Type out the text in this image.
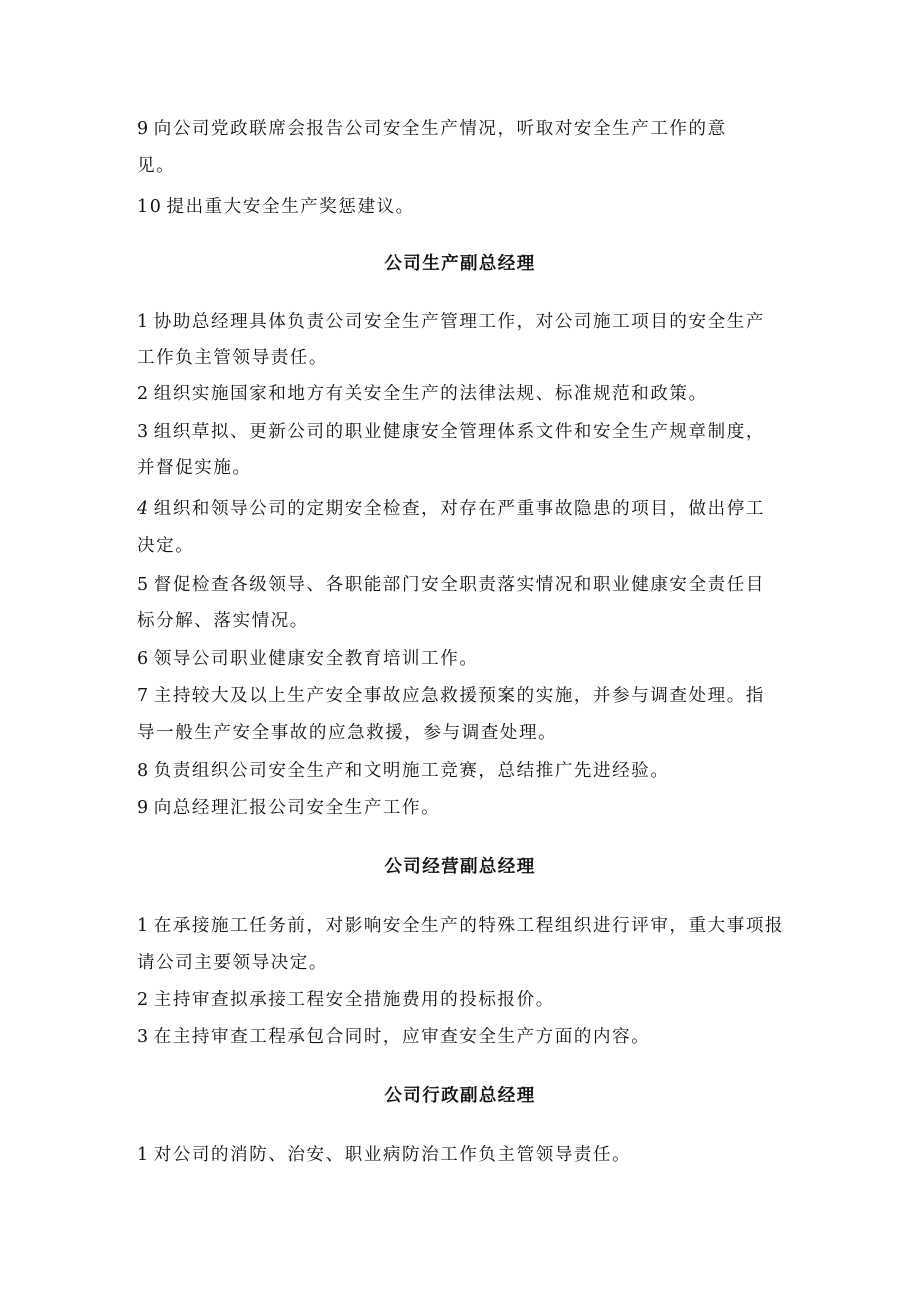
9 向公司党政联席会报告公司安全生产情况，听取对安全生产工作的意
见。
10 提出重大安全生产奖惩建议。
公司生产副总经理
1 协助总经理具体负责公司安全生产管理工作，对公司施工项目的安全生产
工作负主管领导责任。
2 组织实施国家和地方有关安全生产的法律法规、标准规范和政策。
3 组织草拟、更新公司的职业健康安全管理体系文件和安全生产规章制度，
并督促实施。
4 组织和领导公司的定期安全检查，对存在严重事故隐患的项目，做出停工
决定。
5 督促检查各级领导、各职能部门安全职责落实情况和职业健康安全责任目
标分解、落实情况。
6 领导公司职业健康安全教育培训工作。
7 主持较大及以上生产安全事故应急救援预案的实施，并参与调查处理。指
导一般生产安全事故的应急救援，参与调查处理。
8 负责组织公司安全生产和文明施工竞赛，总结推广先进经验。
9 向总经理汇报公司安全生产工作。
公司经营副总经理
1 在承接施工任务前，对影响安全生产的特殊工程组织进行评审，重大事项报
请公司主要领导决定。
2 主持审查拟承接工程安全措施费用的投标报价。
3 在主持审查工程承包合同时，应审查安全生产方面的内容。
公司行政副总经理
1 对公司的消防、治安、职业病防治工作负主管领导责任。
